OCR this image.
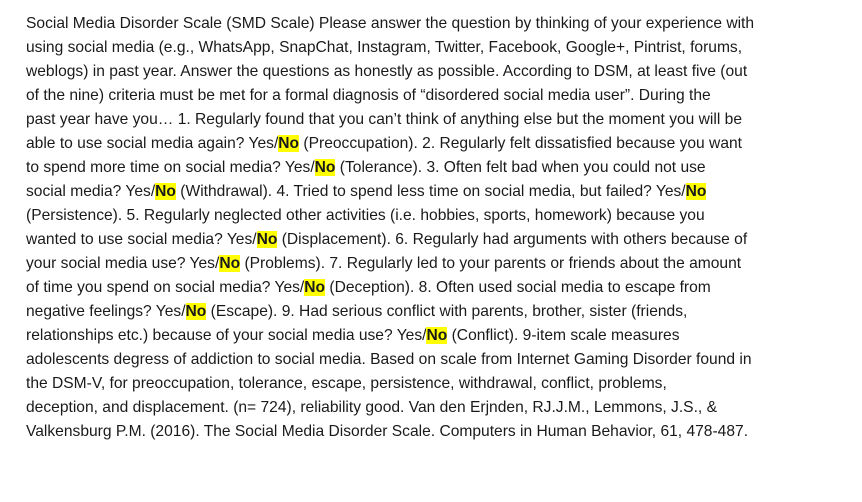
Social Media Disorder Scale (SMD Scale) Please answer the question by thinking of your experience with
using social media (e.g., WhatsApp, SnapChat, Instagram, Twitter, Facebook, Google+, Pintrist, forums,
weblogs) in past year. Answer the questions as honestly as possible. According to DSM, at least five (out
of the nine) criteria must be met for a formal diagnosis of “disordered social media user”. During the
past year have you… 1. Regularly found that you can’t think of anything else but the moment you will be
able to use social media again? Yes/No (Preoccupation). 2. Regularly felt dissatisfied because you want
to spend more time on social media? Yes/No (Tolerance). 3. Often felt bad when you could not use
social media? Yes/No (Withdrawal). 4. Tried to spend less time on social media, but failed? Yes/No
(Persistence). 5. Regularly neglected other activities (i.e. hobbies, sports, homework) because you
wanted to use social media? Yes/No (Displacement). 6. Regularly had arguments with others because of
your social media use? Yes/No (Problems). 7. Regularly led to your parents or friends about the amount
of time you spend on social media? Yes/No (Deception). 8. Often used social media to escape from
negative feelings? Yes/No (Escape). 9. Had serious conflict with parents, brother, sister (friends,
relationships etc.) because of your social media use? Yes/No (Conflict). 9-item scale measures
adolescents degress of addiction to social media. Based on scale from Internet Gaming Disorder found in
the DSM-V, for preoccupation, tolerance, escape, persistence, withdrawal, conflict, problems,
deception, and displacement. (n= 724), reliability good. Van den Erjnden, RJ.J.M., Lemmons, J.S., &
Valkensburg P.M. (2016). The Social Media Disorder Scale. Computers in Human Behavior, 61, 478-487.
